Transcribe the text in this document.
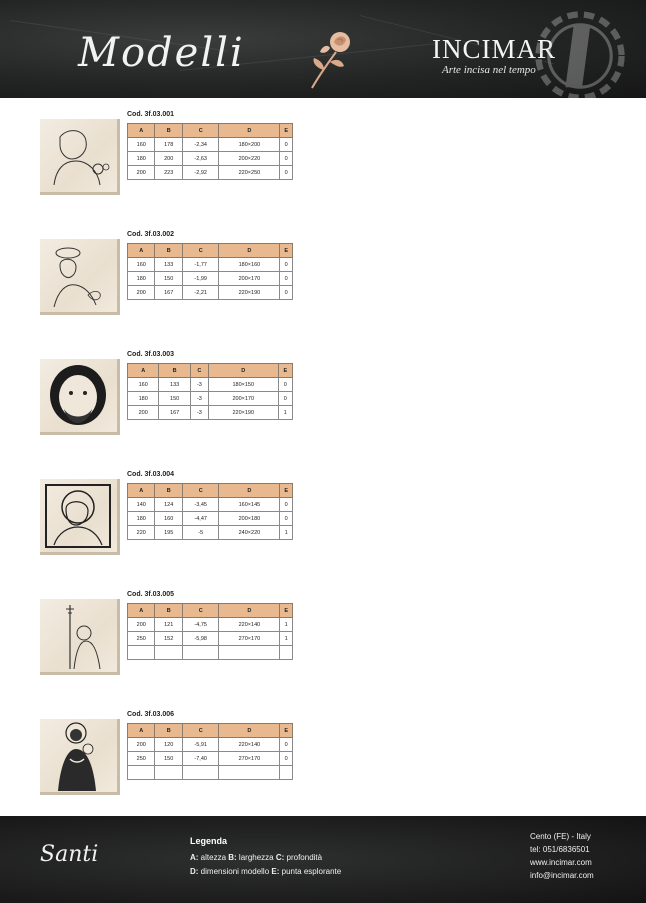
Modelli	INCIMAR
Arte incisa nel tempo
Cod. 3f.03.001
A	B	C	D	E
160	178	-2,34	180×200	0
180	200	-2,63	200×220	0
200	223	-2,92	220×250	0
Cod. 3f.03.002
A	B	C	D	E
160	133	-1,77	180×160	0
180	150	-1,99	200×170	0
200	167	-2,21	220×190	0
Cod. 3f.03.003
A	B	C	D	E
160	133	-3	180×150	0
180	150	-3	200×170	0
200	167	-3	220×190	1
Cod. 3f.03.004
A	B	C	D	E
140	124	-3,45	160×145	0
180	160	-4,47	200×180	0
220	195	-5	240×220	1
Cod. 3f.03.005
A	B	C	D	E
200	121	-4,75	220×140	1
250	152	-5,98	270×170	1

Cod. 3f.03.006
A	B	C	D	E
200	120	-5,91	220×140	0
250	150	-7,40	270×170	0

Santi
Legenda
A: altezza B: larghezza C: profondità
D: dimensioni modello E: punta esplorante
Cento (FE) - Italy
tel: 051/6836501
www.incimar.com
info@incimar.com
